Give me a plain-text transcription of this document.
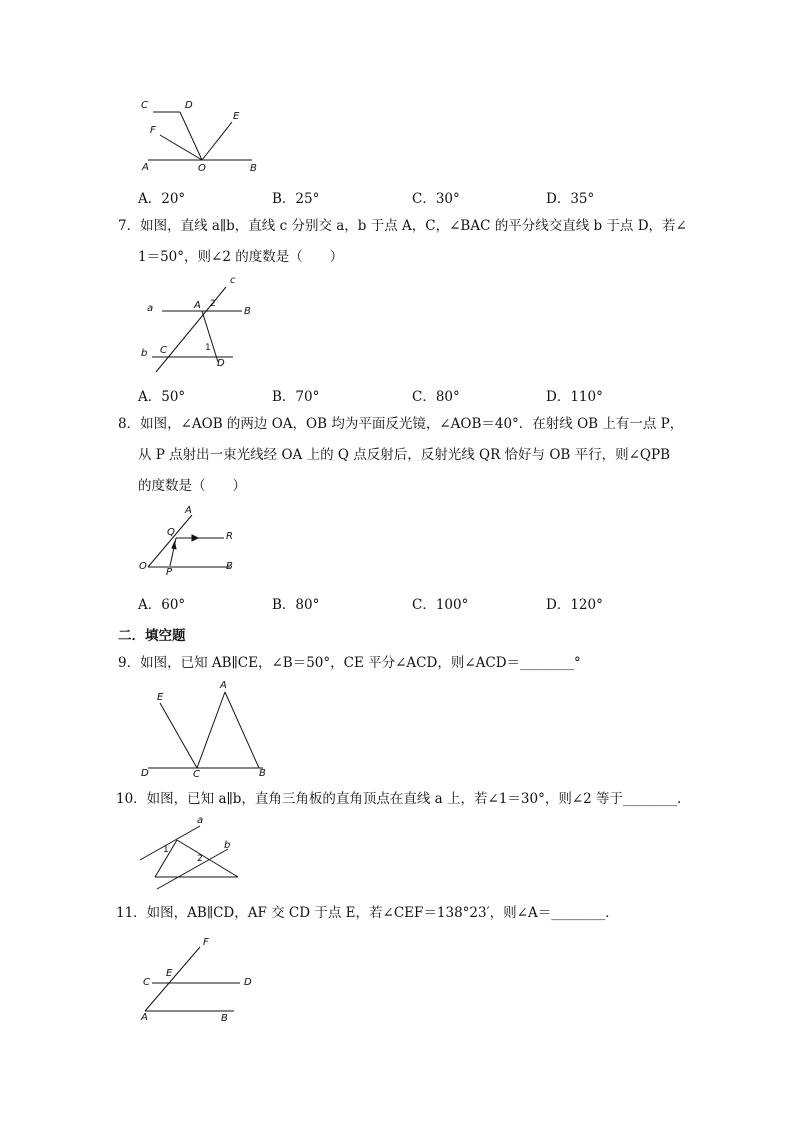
C	D
E
F
A	O	B
A．20°	B．25°	C．30°	D．35°
7．如图，直线 a∥b，直线 c 分别交 a，b 于点 A，C，∠BAC 的平分线交直线 b 于点 D，若∠
1＝50°，则∠2 的度数是（　　）
c
a	A 2
B
b C	1
D
A．50°	B．70°	C．80°	D．110°
8．如图，∠AOB 的两边 OA，OB 均为平面反光镜，∠AOB＝40°．在射线 OB 上有一点 P，
从 P 点射出一束光线经 OA 上的 Q 点反射后，反射光线 QR 恰好与 OB 平行，则∠QPB
的度数是（　　）
A
Q	R
O
P
B
A．60°	B．80°	C．100°	D．120°
二．填空题
9．如图，已知 AB∥CE，∠B＝50°，CE 平分∠ACD，则∠ACD＝________°
E
A
D	C	B
10．如图，已知 a∥b，直角三角板的直角顶点在直线 a 上，若∠1＝30°，则∠2 等于________．
a
b
1
2
11．如图，AB∥CD，AF 交 CD 于点 E，若∠CEF＝138°23′，则∠A＝________．
F
C
E
D
A	B
